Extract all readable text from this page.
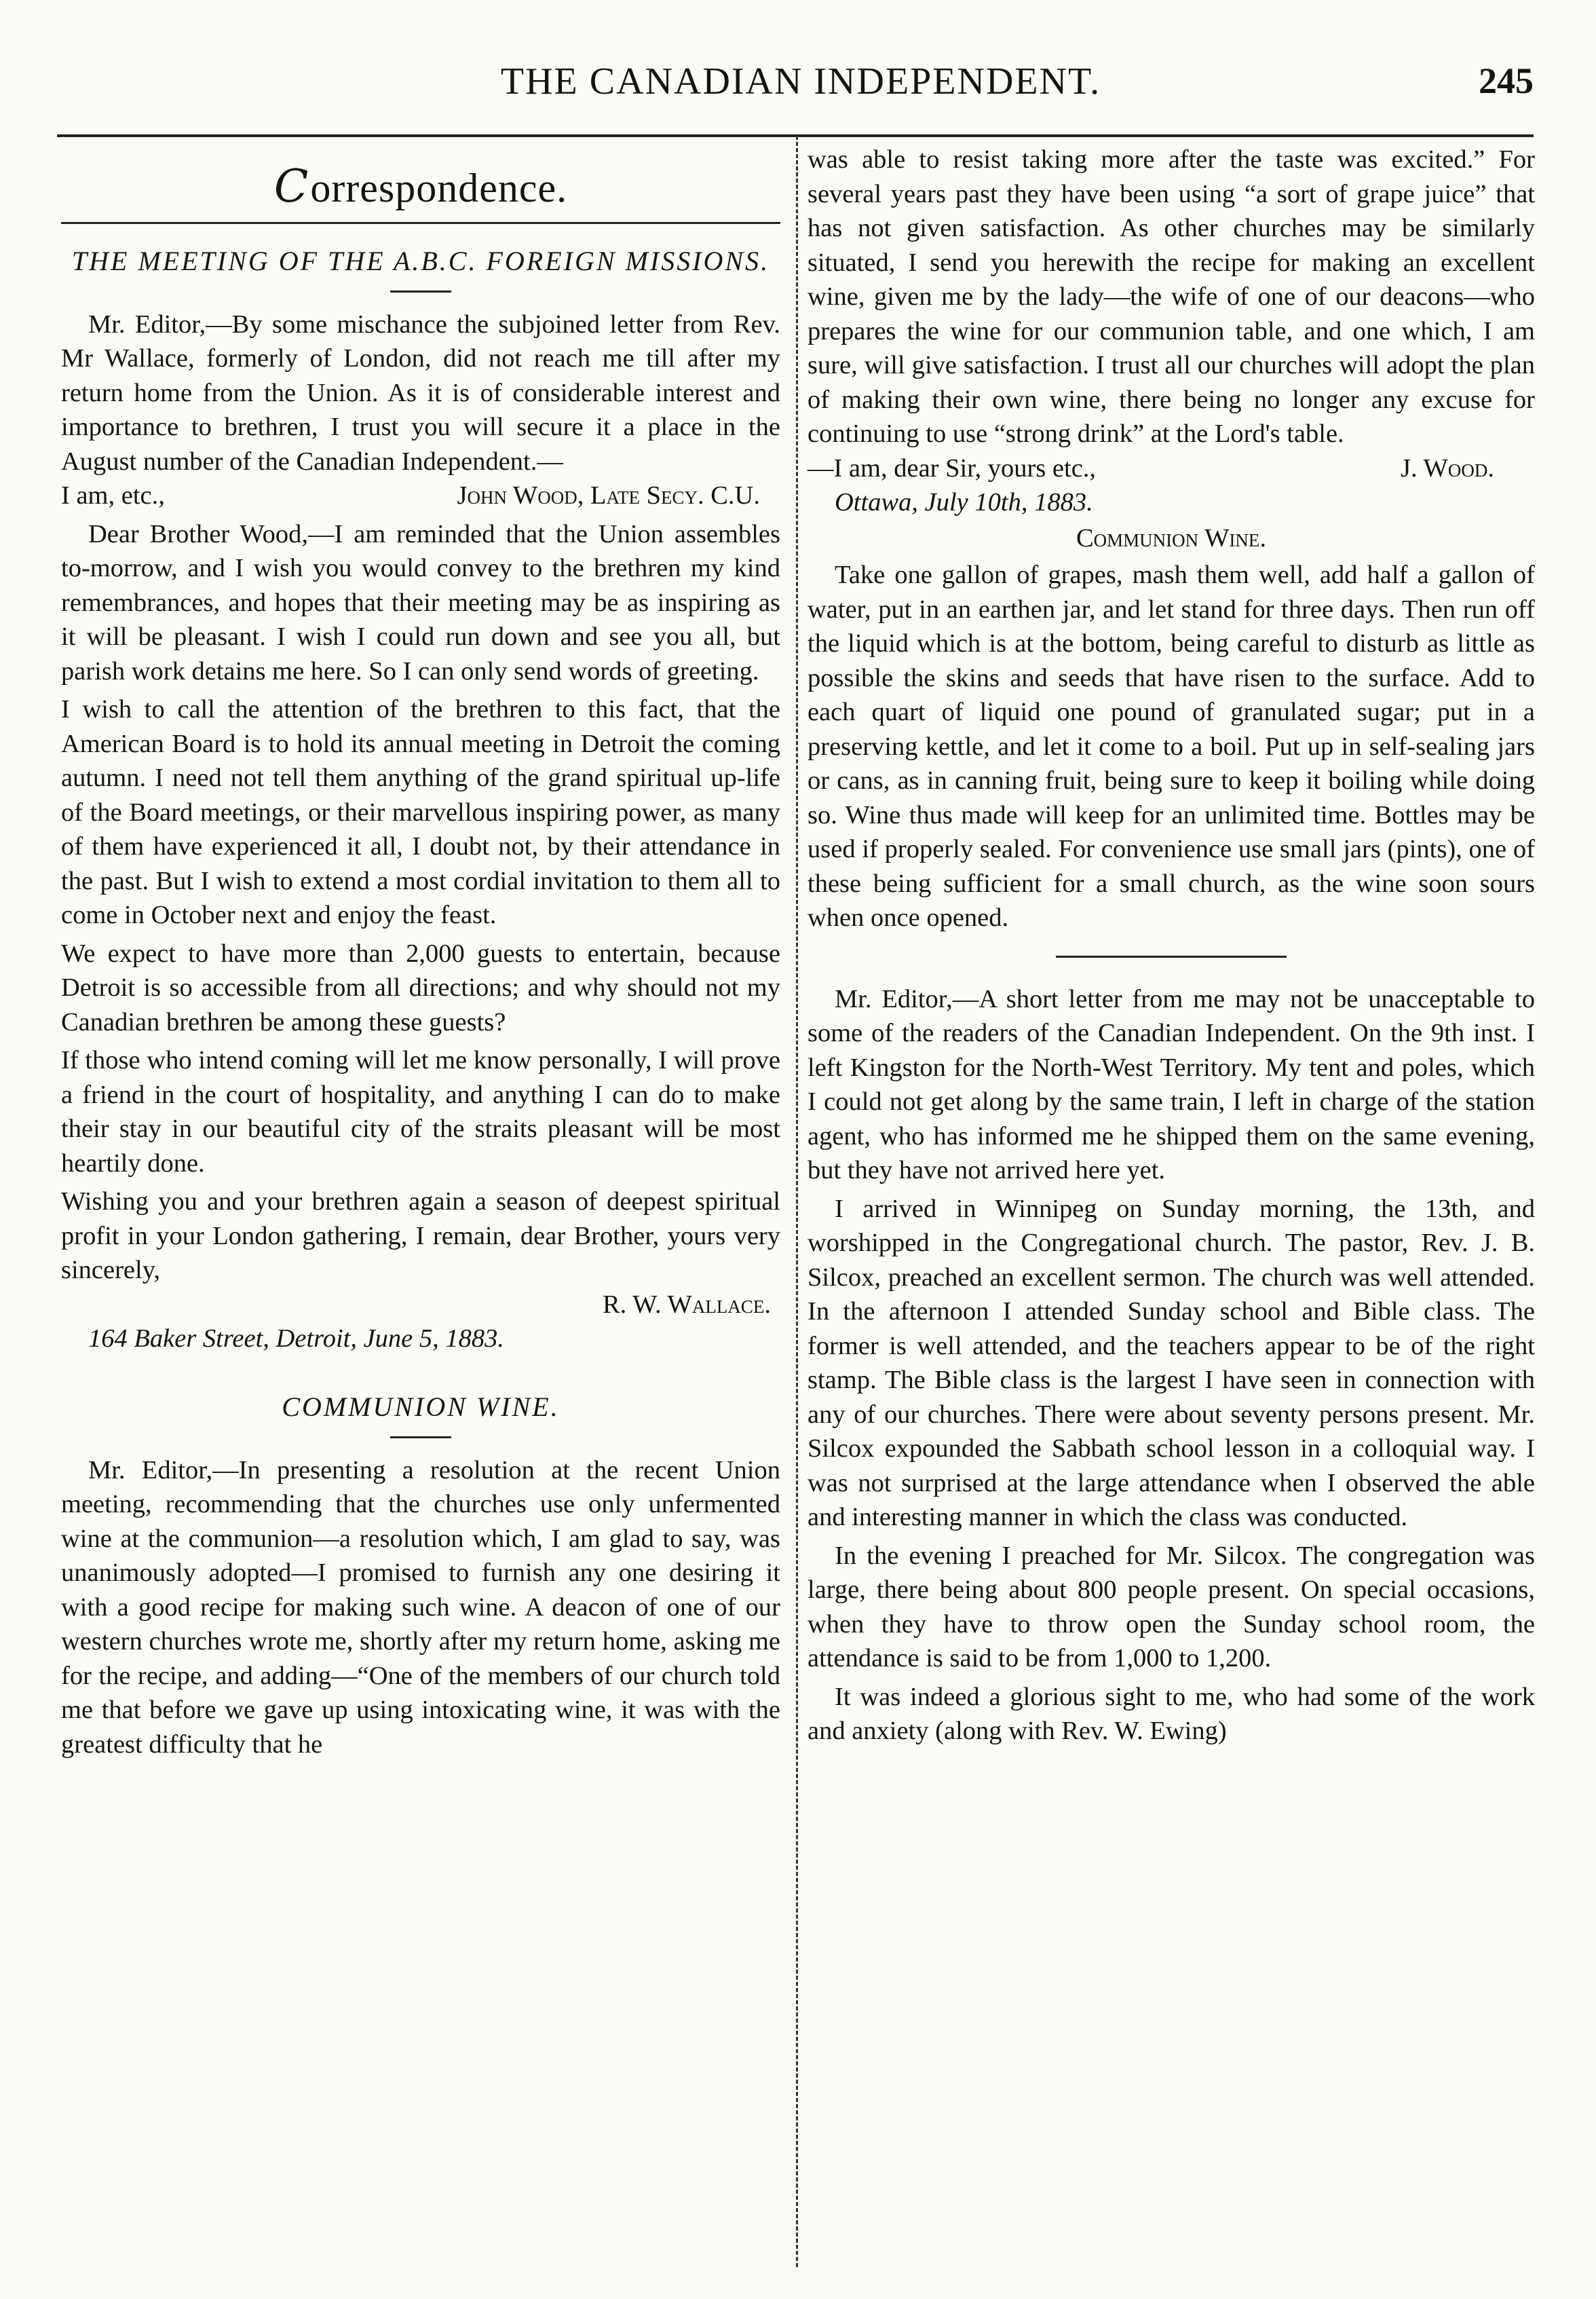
THE CANADIAN INDEPENDENT.	245
Correspondence.
THE MEETING OF THE A.B.C. FOREIGN MISSIONS.

Mr. Editor,—By some mischance the subjoined letter from Rev. Mr Wallace, formerly of London, did not reach me till after my return home from the Union. As it is of considerable interest and importance to brethren, I trust you will secure it a place in the August number of the Canadian Independent.—

I am, etc.,	John Wood, Late Secy. C.U.

Dear Brother Wood,—I am reminded that the Union assembles to-morrow, and I wish you would convey to the brethren my kind remembrances, and hopes that their meeting may be as inspiring as it will be pleasant. I wish I could run down and see you all, but parish work detains me here. So I can only send words of greeting.

I wish to call the attention of the brethren to this fact, that the American Board is to hold its annual meeting in Detroit the coming autumn. I need not tell them anything of the grand spiritual up-life of the Board meetings, or their marvellous inspiring power, as many of them have experienced it all, I doubt not, by their attendance in the past. But I wish to extend a most cordial invitation to them all to come in October next and enjoy the feast.

We expect to have more than 2,000 guests to entertain, because Detroit is so accessible from all directions; and why should not my Canadian brethren be among these guests?

If those who intend coming will let me know personally, I will prove a friend in the court of hospitality, and anything I can do to make their stay in our beautiful city of the straits pleasant will be most heartily done.

Wishing you and your brethren again a season of deepest spiritual profit in your London gathering, I remain, dear Brother, yours very sincerely,

R. W. Wallace.
164 Baker Street, Detroit, June 5, 1883.
COMMUNION WINE.

Mr. Editor,—In presenting a resolution at the recent Union meeting, recommending that the churches use only unfermented wine at the communion—a resolution which, I am glad to say, was unanimously adopted—I promised to furnish any one desiring it with a good recipe for making such wine. A deacon of one of our western churches wrote me, shortly after my return home, asking me for the recipe, and adding—“One of the members of our church told me that before we gave up using intoxicating wine, it was with the greatest difficulty that he

was able to resist taking more after the taste was excited.” For several years past they have been using “a sort of grape juice” that has not given satisfaction. As other churches may be similarly situated, I send you herewith the recipe for making an excellent wine, given me by the lady—the wife of one of our deacons—who prepares the wine for our communion table, and one which, I am sure, will give satisfaction. I trust all our churches will adopt the plan of making their own wine, there being no longer any excuse for continuing to use “strong drink” at the Lord's table.

—I am, dear Sir, yours etc.,	J. Wood.
Ottawa, July 10th, 1883.
Communion Wine.

Take one gallon of grapes, mash them well, add half a gallon of water, put in an earthen jar, and let stand for three days. Then run off the liquid which is at the bottom, being careful to disturb as little as possible the skins and seeds that have risen to the surface. Add to each quart of liquid one pound of granulated sugar; put in a preserving kettle, and let it come to a boil. Put up in self-sealing jars or cans, as in canning fruit, being sure to keep it boiling while doing so. Wine thus made will keep for an unlimited time. Bottles may be used if properly sealed. For convenience use small jars (pints), one of these being sufficient for a small church, as the wine soon sours when once opened.

Mr. Editor,—A short letter from me may not be unacceptable to some of the readers of the Canadian Independent. On the 9th inst. I left Kingston for the North-West Territory. My tent and poles, which I could not get along by the same train, I left in charge of the station agent, who has informed me he shipped them on the same evening, but they have not arrived here yet.

I arrived in Winnipeg on Sunday morning, the 13th, and worshipped in the Congregational church. The pastor, Rev. J. B. Silcox, preached an excellent sermon. The church was well attended. In the afternoon I attended Sunday school and Bible class. The former is well attended, and the teachers appear to be of the right stamp. The Bible class is the largest I have seen in connection with any of our churches. There were about seventy persons present. Mr. Silcox expounded the Sabbath school lesson in a colloquial way. I was not surprised at the large attendance when I observed the able and interesting manner in which the class was conducted.

In the evening I preached for Mr. Silcox. The congregation was large, there being about 800 people present. On special occasions, when they have to throw open the Sunday school room, the attendance is said to be from 1,000 to 1,200.

It was indeed a glorious sight to me, who had some of the work and anxiety (along with Rev. W. Ewing)
